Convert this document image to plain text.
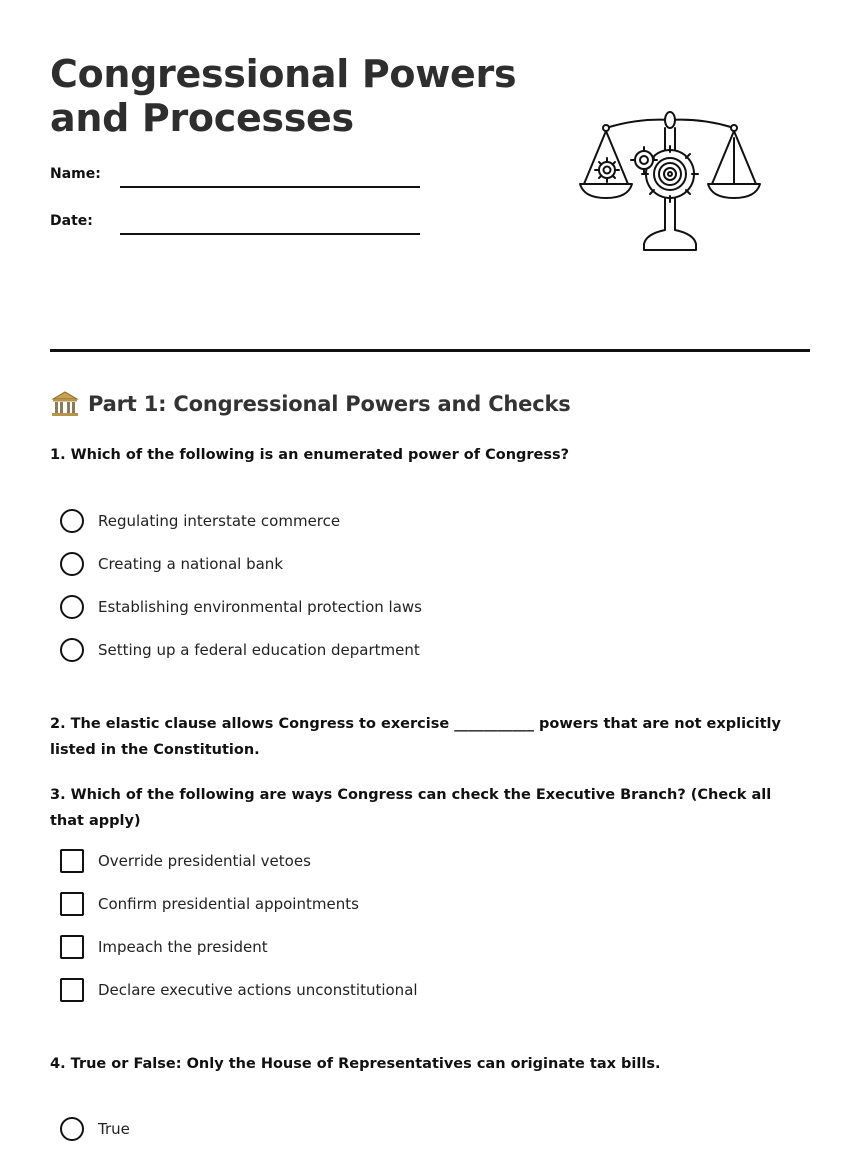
Congressional Powers and Processes
Name:
Date:
Part 1: Congressional Powers and Checks

1. Which of the following is an enumerated power of Congress?

Regulating interstate commerce
Creating a national bank
Establishing environmental protection laws
Setting up a federal education department

2. The elastic clause allows Congress to exercise ___________ powers that are not explicitly listed in the Constitution.

3. Which of the following are ways Congress can check the Executive Branch? (Check all that apply)

Override presidential vetoes
Confirm presidential appointments
Impeach the president
Declare executive actions unconstitutional

4. True or False: Only the House of Representatives can originate tax bills.

True
